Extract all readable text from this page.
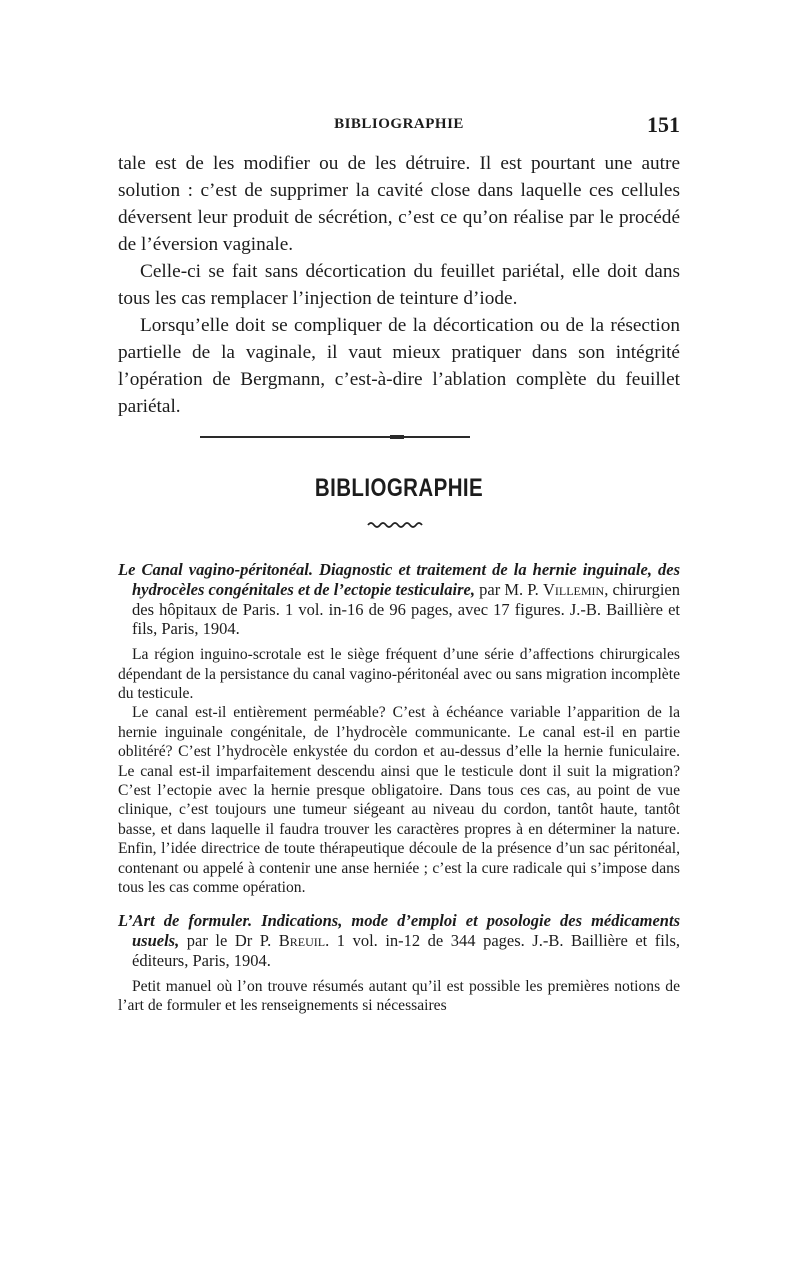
BIBLIOGRAPHIE	151

tale est de les modifier ou de les détruire. Il est pourtant une autre solution : c’est de supprimer la cavité close dans laquelle ces cellules déversent leur produit de sécrétion, c’est ce qu’on réalise par le procédé de l’éversion vaginale.

Celle-ci se fait sans décortication du feuillet pariétal, elle doit dans tous les cas remplacer l’injection de teinture d’iode.

Lorsqu’elle doit se compliquer de la décortication ou de la résection partielle de la vaginale, il vaut mieux pratiquer dans son intégrité l’opération de Bergmann, c’est-à-dire l’ablation complète du feuillet pariétal.

BIBLIOGRAPHIE

Le Canal vagino-péritonéal. Diagnostic et traitement de la hernie inguinale, des hydrocèles congénitales et de l’ectopie testiculaire, par M. P. Villemin, chirurgien des hôpitaux de Paris. 1 vol. in-16 de 96 pages, avec 17 figures. J.-B. Baillière et fils, Paris, 1904.

La région inguino-scrotale est le siège fréquent d’une série d’affections chirurgicales dépendant de la persistance du canal vagino-péritonéal avec ou sans migration incomplète du testicule.

Le canal est-il entièrement perméable? C’est à échéance variable l’apparition de la hernie inguinale congénitale, de l’hydrocèle communicante. Le canal est-il en partie oblitéré? C’est l’hydrocèle enkystée du cordon et au-dessus d’elle la hernie funiculaire. Le canal est-il imparfaitement descendu ainsi que le testicule dont il suit la migration? C’est l’ectopie avec la hernie presque obligatoire. Dans tous ces cas, au point de vue clinique, c’est toujours une tumeur siégeant au niveau du cordon, tantôt haute, tantôt basse, et dans laquelle il faudra trouver les caractères propres à en déterminer la nature. Enfin, l’idée directrice de toute thérapeutique découle de la présence d’un sac péritonéal, contenant ou appelé à contenir une anse herniée ; c’est la cure radicale qui s’impose dans tous les cas comme opération.

L’Art de formuler. Indications, mode d’emploi et posologie des médicaments usuels, par le Dr P. Breuil. 1 vol. in-12 de 344 pages. J.-B. Baillière et fils, éditeurs, Paris, 1904.

Petit manuel où l’on trouve résumés autant qu’il est possible les premières notions de l’art de formuler et les renseignements si nécessaires
